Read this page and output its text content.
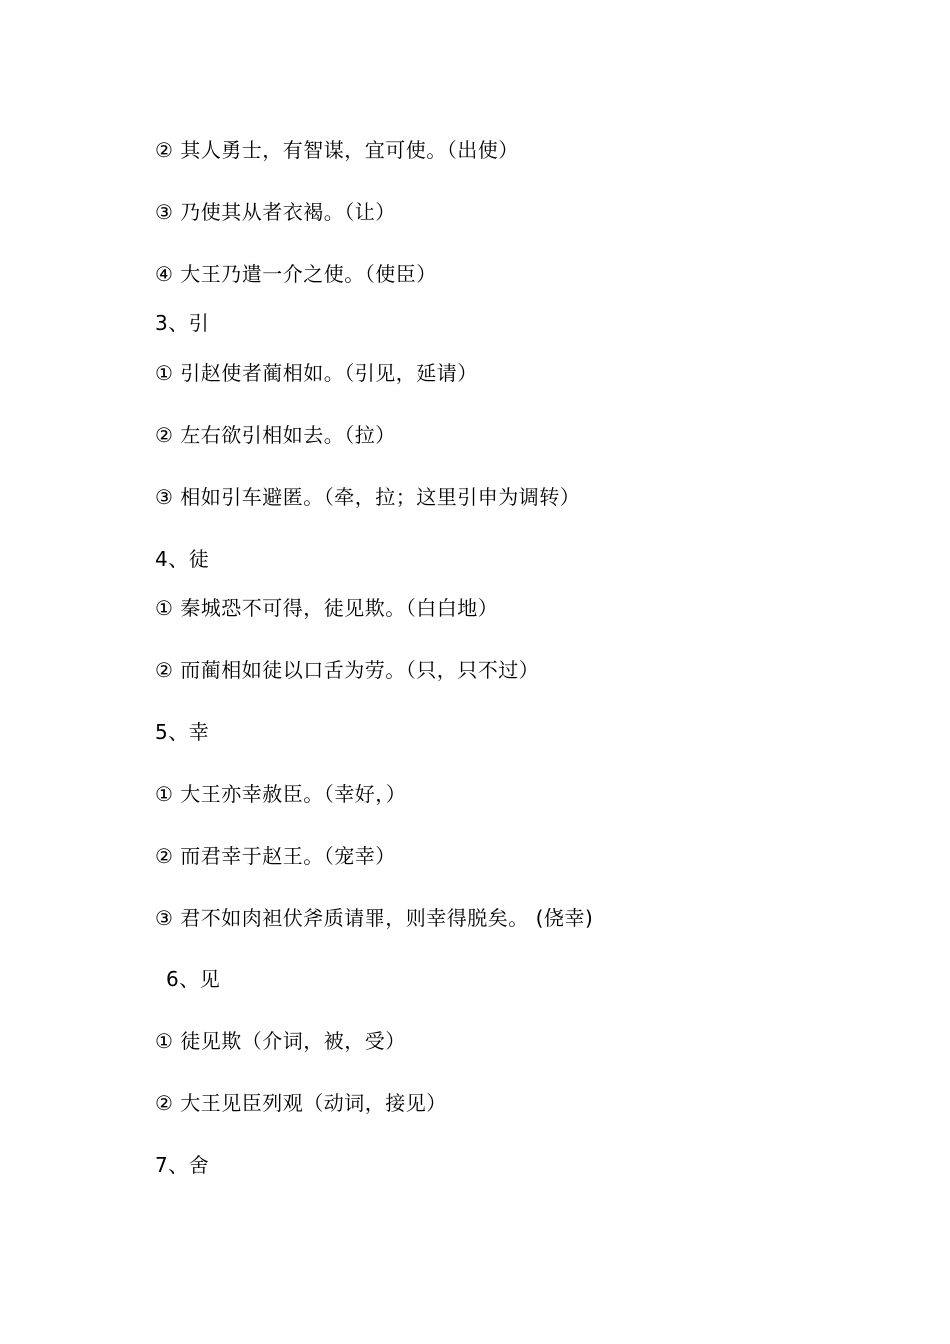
② 其人勇士，有智谋，宜可使。（出使）
③ 乃使其从者衣褐。（让）
④ 大王乃遣一介之使。（使臣）
3、引
① 引赵使者蔺相如。（引见，延请）
② 左右欲引相如去。（拉）
③ 相如引车避匿。（牵，拉；这里引申为调转）
4、徒
① 秦城恐不可得，徒见欺。（白白地）
② 而蔺相如徒以口舌为劳。（只，只不过）
5、幸
① 大王亦幸赦臣。（幸好，）
② 而君幸于赵王。（宠幸）
③ 君不如肉袒伏斧质请罪，则幸得脱矣。 (侥幸)
6、见
① 徒见欺（介词，被，受）
② 大王见臣列观（动词，接见）
7、舍
